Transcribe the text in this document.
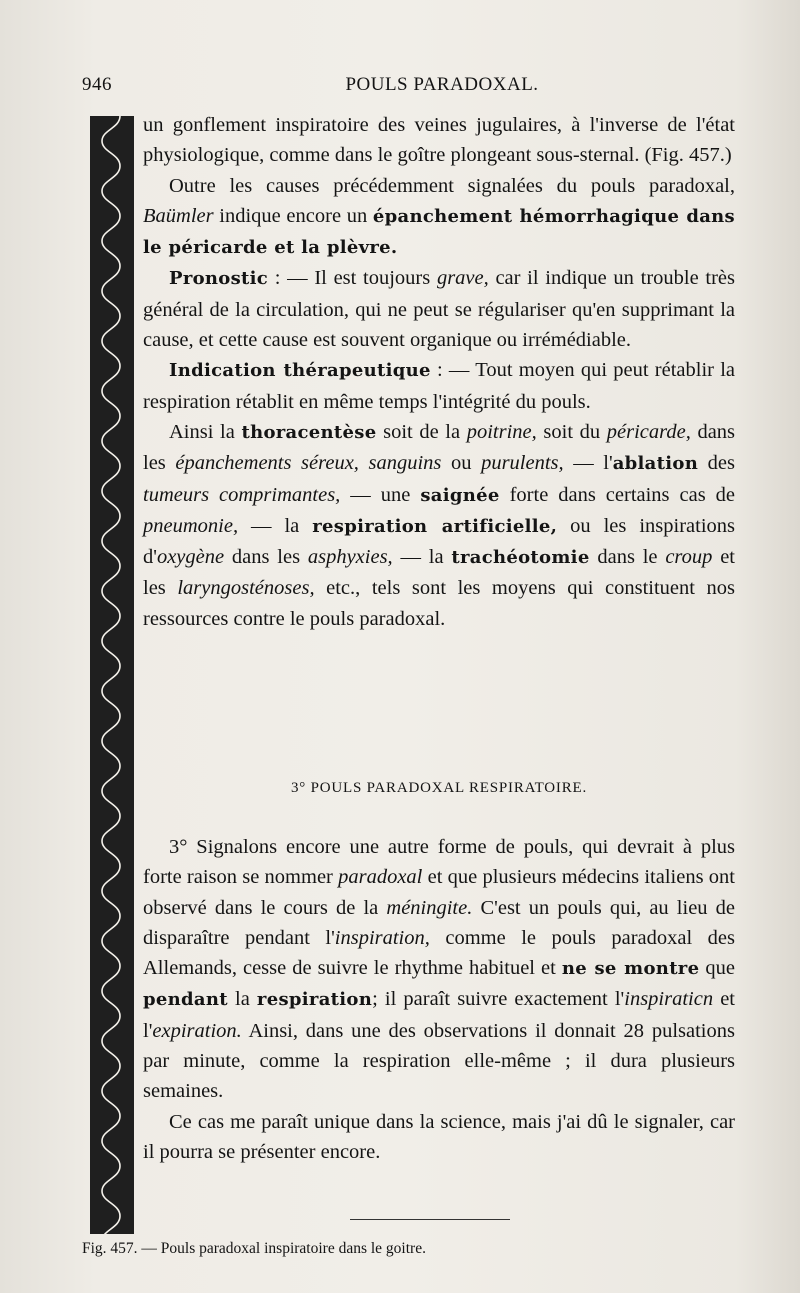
946	POULS PARADOXAL.
Fig. 457. — Pouls paradoxal inspiratoire dans le goitre.

un gonflement inspiratoire des veines jugulaires, à l'inverse de l'état physiologique, comme dans le goître plongeant sous-sternal. (Fig. 457.)

Outre les causes précédemment signalées du pouls paradoxal, Baümler indique encore un épanchement hémorrhagique dans le péricarde et la plèvre.

Pronostic : — Il est toujours grave, car il indique un trouble très général de la circulation, qui ne peut se régulariser qu'en supprimant la cause, et cette cause est souvent organique ou irrémédiable.

Indication thérapeutique : — Tout moyen qui peut rétablir la respiration rétablit en même temps l'intégrité du pouls.

Ainsi la thoracentèse soit de la poitrine, soit du péricarde, dans les épanchements séreux, sanguins ou purulents, — l'ablation des tumeurs comprimantes, — une saignée forte dans certains cas de pneumonie, — la respiration artificielle, ou les inspirations d'oxygène dans les asphyxies, — la trachéotomie dans le croup et les laryngosténoses, etc., tels sont les moyens qui constituent nos ressources contre le pouls paradoxal.

3° POULS PARADOXAL RESPIRATOIRE.

3° Signalons encore une autre forme de pouls, qui devrait à plus forte raison se nommer paradoxal et que plusieurs médecins italiens ont observé dans le cours de la méningite. C'est un pouls qui, au lieu de disparaître pendant l'inspiration, comme le pouls paradoxal des Allemands, cesse de suivre le rhythme habituel et ne se montre que pendant la respiration; il paraît suivre exactement l'inspiraticn et l'expiration. Ainsi, dans une des observations il donnait 28 pulsations par minute, comme la respiration elle-même ; il dura plusieurs semaines.

Ce cas me paraît unique dans la science, mais j'ai dû le signaler, car il pourra se présenter encore.
